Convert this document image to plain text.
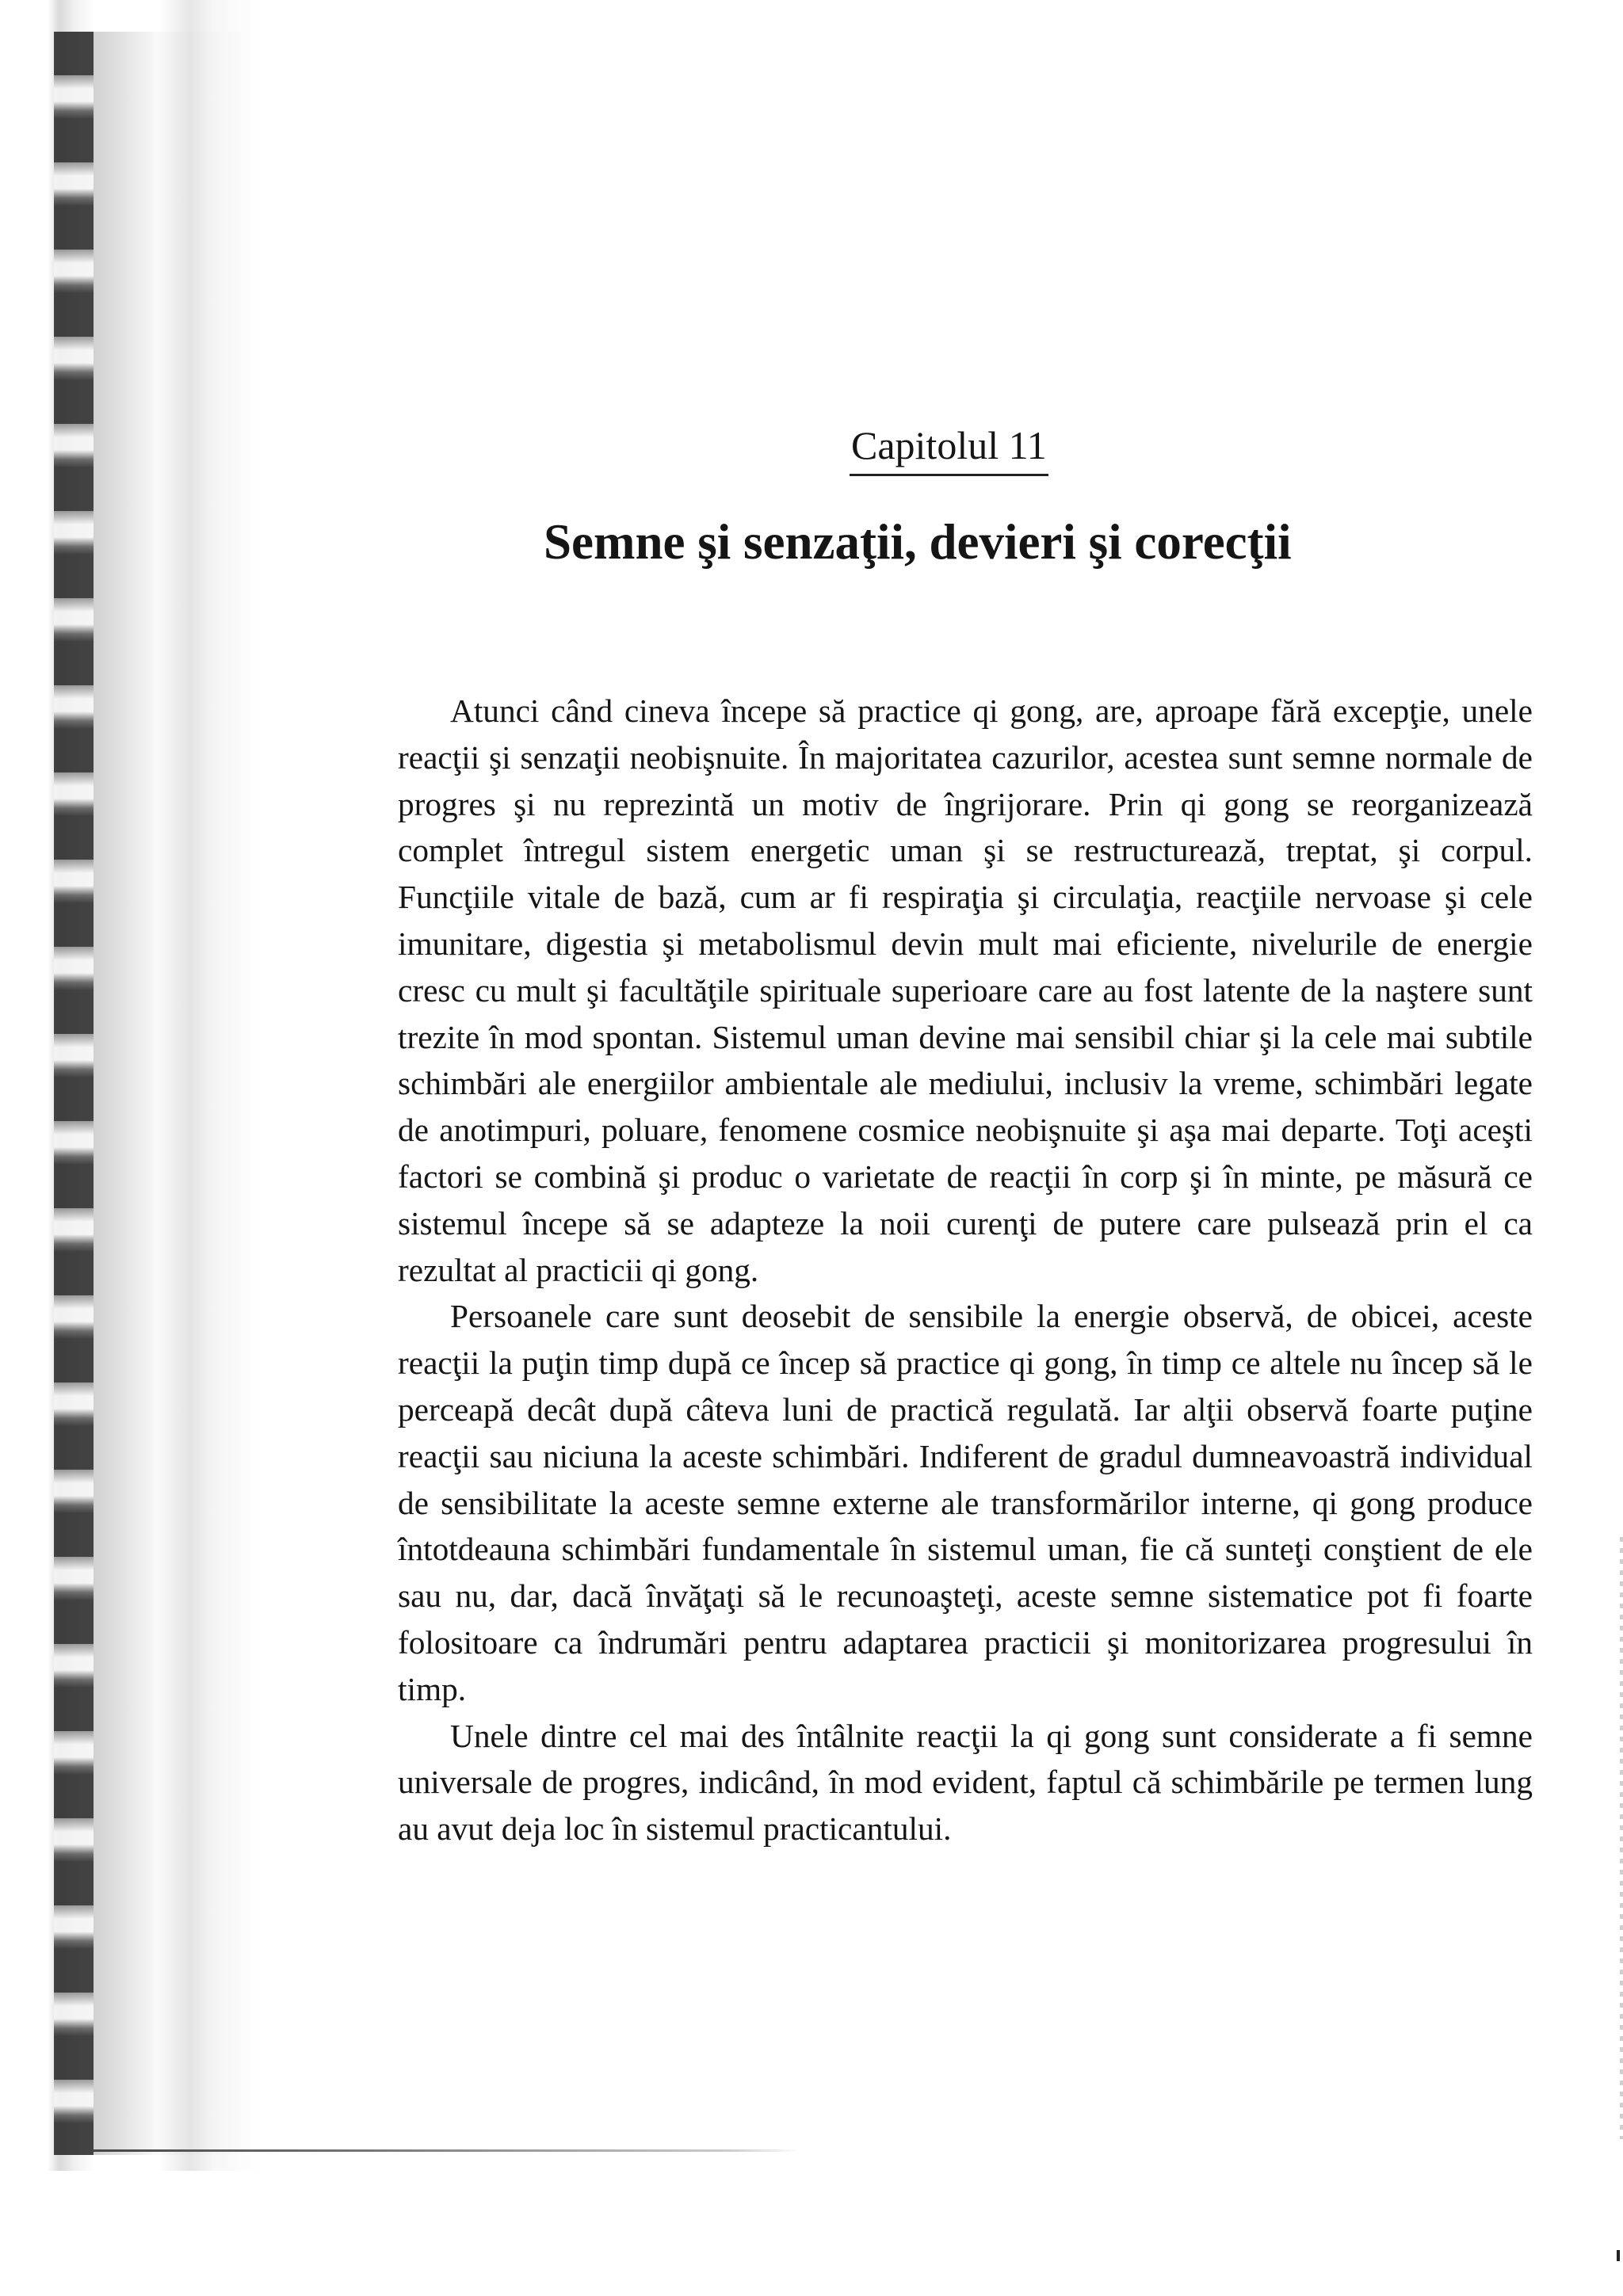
Capitolul 11
Semne şi senzaţii, devieri şi corecţii

Atunci când cineva începe să practice qi gong, are, aproape fără excepţie, unele reacţii şi senzaţii neobişnuite. În majoritatea cazurilor, acestea sunt semne normale de progres şi nu reprezintă un motiv de îngrijorare. Prin qi gong se reorganizează complet întregul sistem energetic uman şi se restructurează, treptat, şi corpul. Funcţiile vitale de bază, cum ar fi respiraţia şi circulaţia, reacţiile nervoase şi cele imunitare, digestia şi metabolismul devin mult mai eficiente, nivelurile de energie cresc cu mult şi facultăţile spirituale superioare care au fost latente de la naştere sunt trezite în mod spontan. Sistemul uman devine mai sensibil chiar şi la cele mai subtile schimbări ale energiilor ambientale ale mediului, inclusiv la vreme, schimbări legate de anotimpuri, poluare, fenomene cosmice neobişnuite şi aşa mai departe. Toţi aceşti factori se combină şi produc o varietate de reacţii în corp şi în minte, pe măsură ce sistemul începe să se adapteze la noii curenţi de putere care pulsează prin el ca rezultat al practicii qi gong.

Persoanele care sunt deosebit de sensibile la energie observă, de obicei, aceste reacţii la puţin timp după ce încep să practice qi gong, în timp ce altele nu încep să le perceapă decât după câteva luni de practică regulată. Iar alţii observă foarte puţine reacţii sau niciuna la aceste schimbări. Indiferent de gradul dumneavoastră individual de sensibilitate la aceste semne externe ale transformărilor interne, qi gong produce întotdeauna schimbări fundamentale în sistemul uman, fie că sunteţi conştient de ele sau nu, dar, dacă învăţaţi să le recunoaşteţi, aceste semne sistematice pot fi foarte folositoare ca îndrumări pentru adaptarea practicii şi monitorizarea progresului în timp.

Unele dintre cel mai des întâlnite reacţii la qi gong sunt considerate a fi semne universale de progres, indicând, în mod evident, faptul că schimbările pe termen lung au avut deja loc în sistemul practicantului.
